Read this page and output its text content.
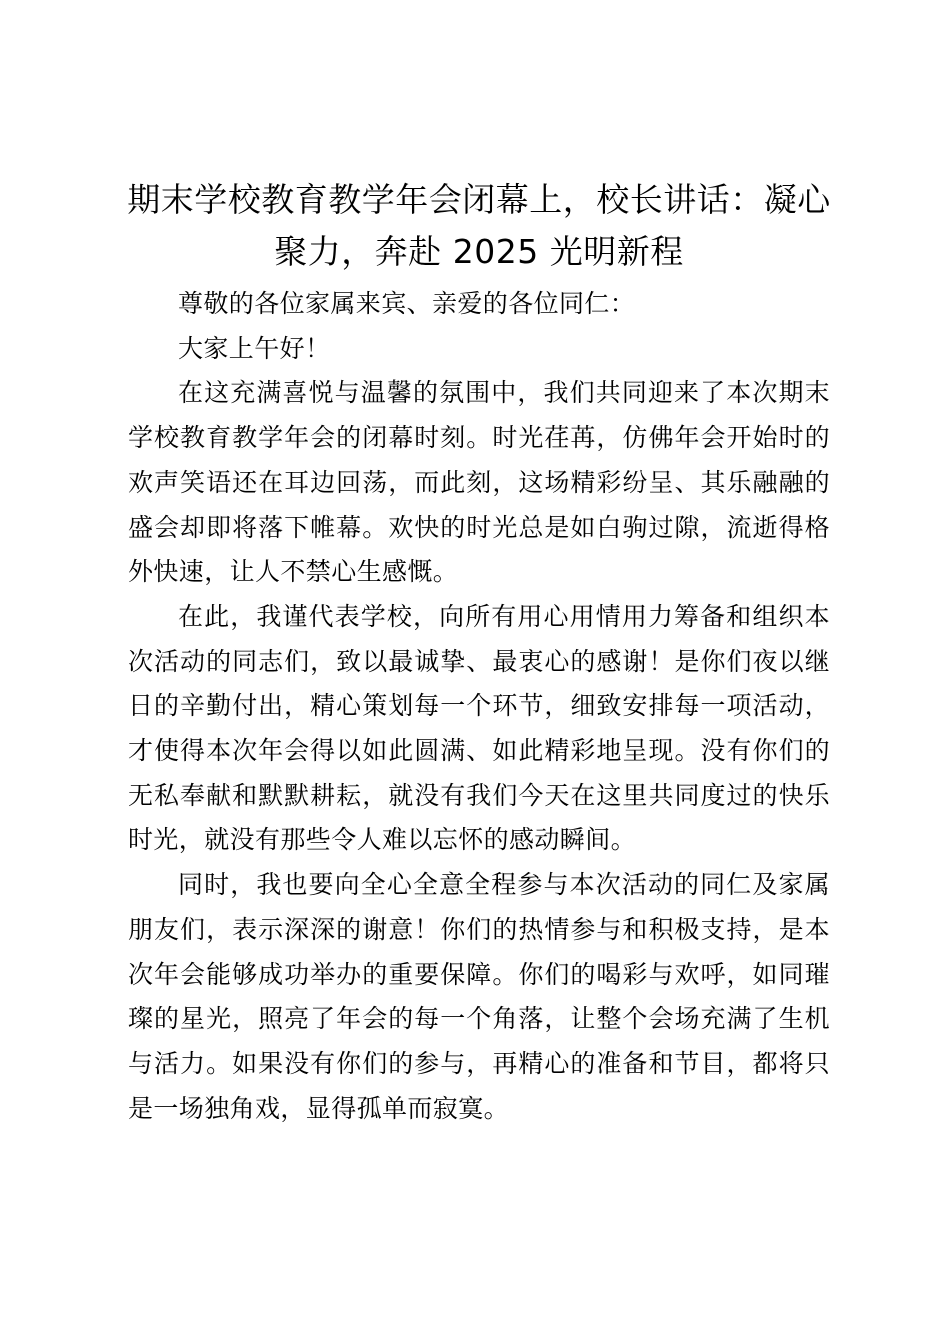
期末学校教育教学年会闭幕上，校长讲话：凝心聚力，奔赴 2025 光明新程

尊敬的各位家属来宾、亲爱的各位同仁：

大家上午好！

在这充满喜悦与温馨的氛围中，我们共同迎来了本次期末学校教育教学年会的闭幕时刻。时光荏苒，仿佛年会开始时的欢声笑语还在耳边回荡，而此刻，这场精彩纷呈、其乐融融的盛会却即将落下帷幕。欢快的时光总是如白驹过隙，流逝得格外快速，让人不禁心生感慨。

在此，我谨代表学校，向所有用心用情用力筹备和组织本次活动的同志们，致以最诚挚、最衷心的感谢！是你们夜以继日的辛勤付出，精心策划每一个环节，细致安排每一项活动，才使得本次年会得以如此圆满、如此精彩地呈现。没有你们的无私奉献和默默耕耘，就没有我们今天在这里共同度过的快乐时光，就没有那些令人难以忘怀的感动瞬间。

同时，我也要向全心全意全程参与本次活动的同仁及家属朋友们，表示深深的谢意！你们的热情参与和积极支持，是本次年会能够成功举办的重要保障。你们的喝彩与欢呼，如同璀璨的星光，照亮了年会的每一个角落，让整个会场充满了生机与活力。如果没有你们的参与，再精心的准备和节目，都将只是一场独角戏，显得孤单而寂寞。
